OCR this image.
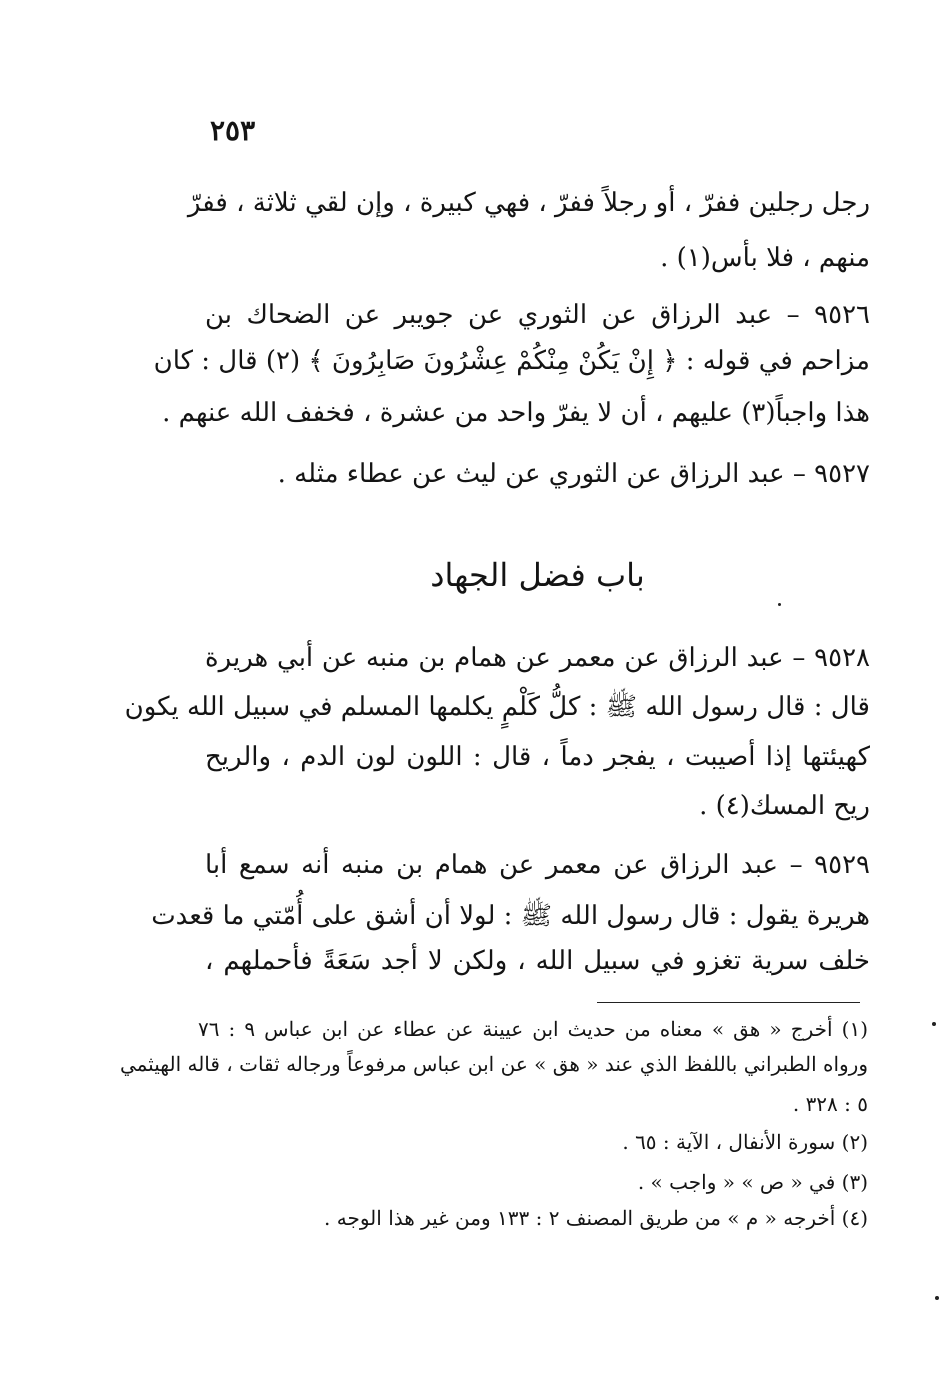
٢٥٣
رجل رجلين ففرّ ، أو رجلاً ففرّ ، فهي كبيرة ، وإن لقي ثلاثة ، ففرّ
منهم ، فلا بأس(١) .
٩٥٢٦ – عبد الرزاق عن الثوري عن جويبر عن الضحاك بن
مزاحم في قوله : ﴿ إِنْ يَكُنْ مِنْكُمْ عِشْرُونَ صَابِرُونَ ﴾ (٢) قال : كان
هذا واجباً(٣) عليهم ، أن لا يفرّ واحد من عشرة ، فخفف الله عنهم .
٩٥٢٧ – عبد الرزاق عن الثوري عن ليث عن عطاء مثله .
باب فضل الجهاد
٩٥٢٨ – عبد الرزاق عن معمر عن همام بن منبه عن أبي هريرة
قال : قال رسول الله ﷺ : كلُّ كَلْمٍ يكلمها المسلم في سبيل الله يكون
كهيئتها إذا أصيبت ، يفجر دماً ، قال : اللون لون الدم ، والريح
ريح المسك(٤) .
٩٥٢٩ – عبد الرزاق عن معمر عن همام بن منبه أنه سمع أبا
هريرة يقول : قال رسول الله ﷺ : لولا أن أشق على أُمّتي ما قعدت
خلف سرية تغزو في سبيل الله ، ولكن لا أجد سَعَةً فأحملهم ،
(١) أخرج « هق » معناه من حديث ابن عيينة عن عطاء عن ابن عباس ٩ : ٧٦
ورواه الطبراني باللفظ الذي عند « هق » عن ابن عباس مرفوعاً ورجاله ثقات ، قاله الهيثمي
٥ : ٣٢٨ .
(٢) سورة الأنفال ، الآية : ٦٥ .
(٣) في « ص » « واجب » .
(٤) أخرجه « م » من طريق المصنف ٢ : ١٣٣ ومن غير هذا الوجه .
